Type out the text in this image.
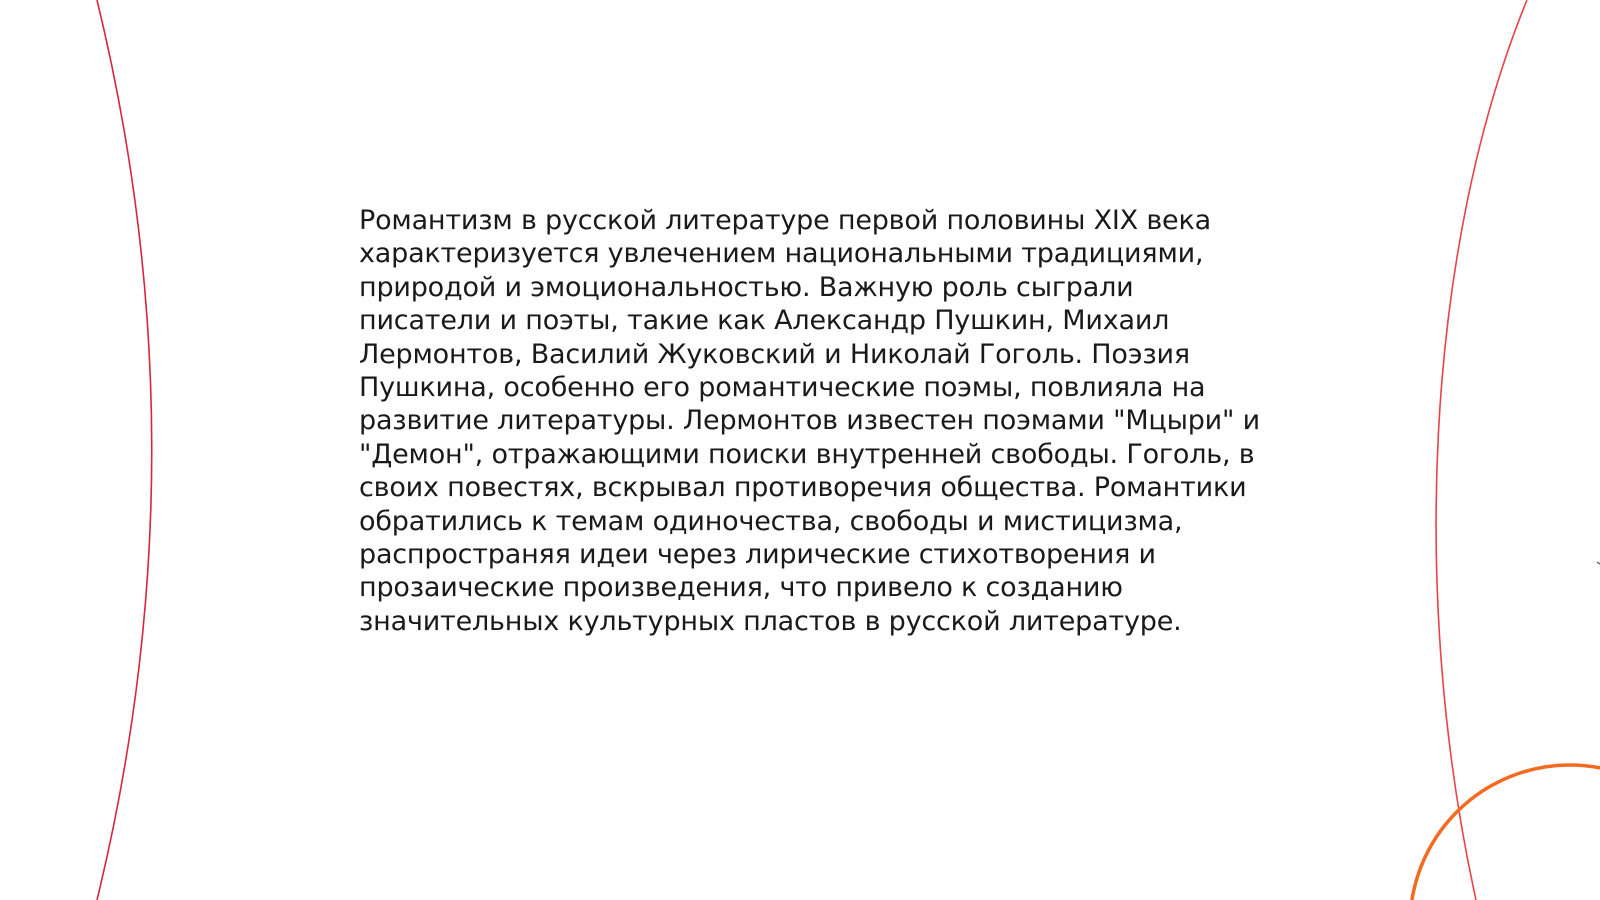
Романтизм в русской литературе первой половины XIX века
характеризуется увлечением национальными традициями,
природой и эмоциональностью. Важную роль сыграли
писатели и поэты, такие как Александр Пушкин, Михаил
Лермонтов, Василий Жуковский и Николай Гоголь. Поэзия
Пушкина, особенно его романтические поэмы, повлияла на
развитие литературы. Лермонтов известен поэмами "Мцыри" и
"Демон", отражающими поиски внутренней свободы. Гоголь, в
своих повестях, вскрывал противоречия общества. Романтики
обратились к темам одиночества, свободы и мистицизма,
распространяя идеи через лирические стихотворения и
прозаические произведения, что привело к созданию
значительных культурных пластов в русской литературе.
